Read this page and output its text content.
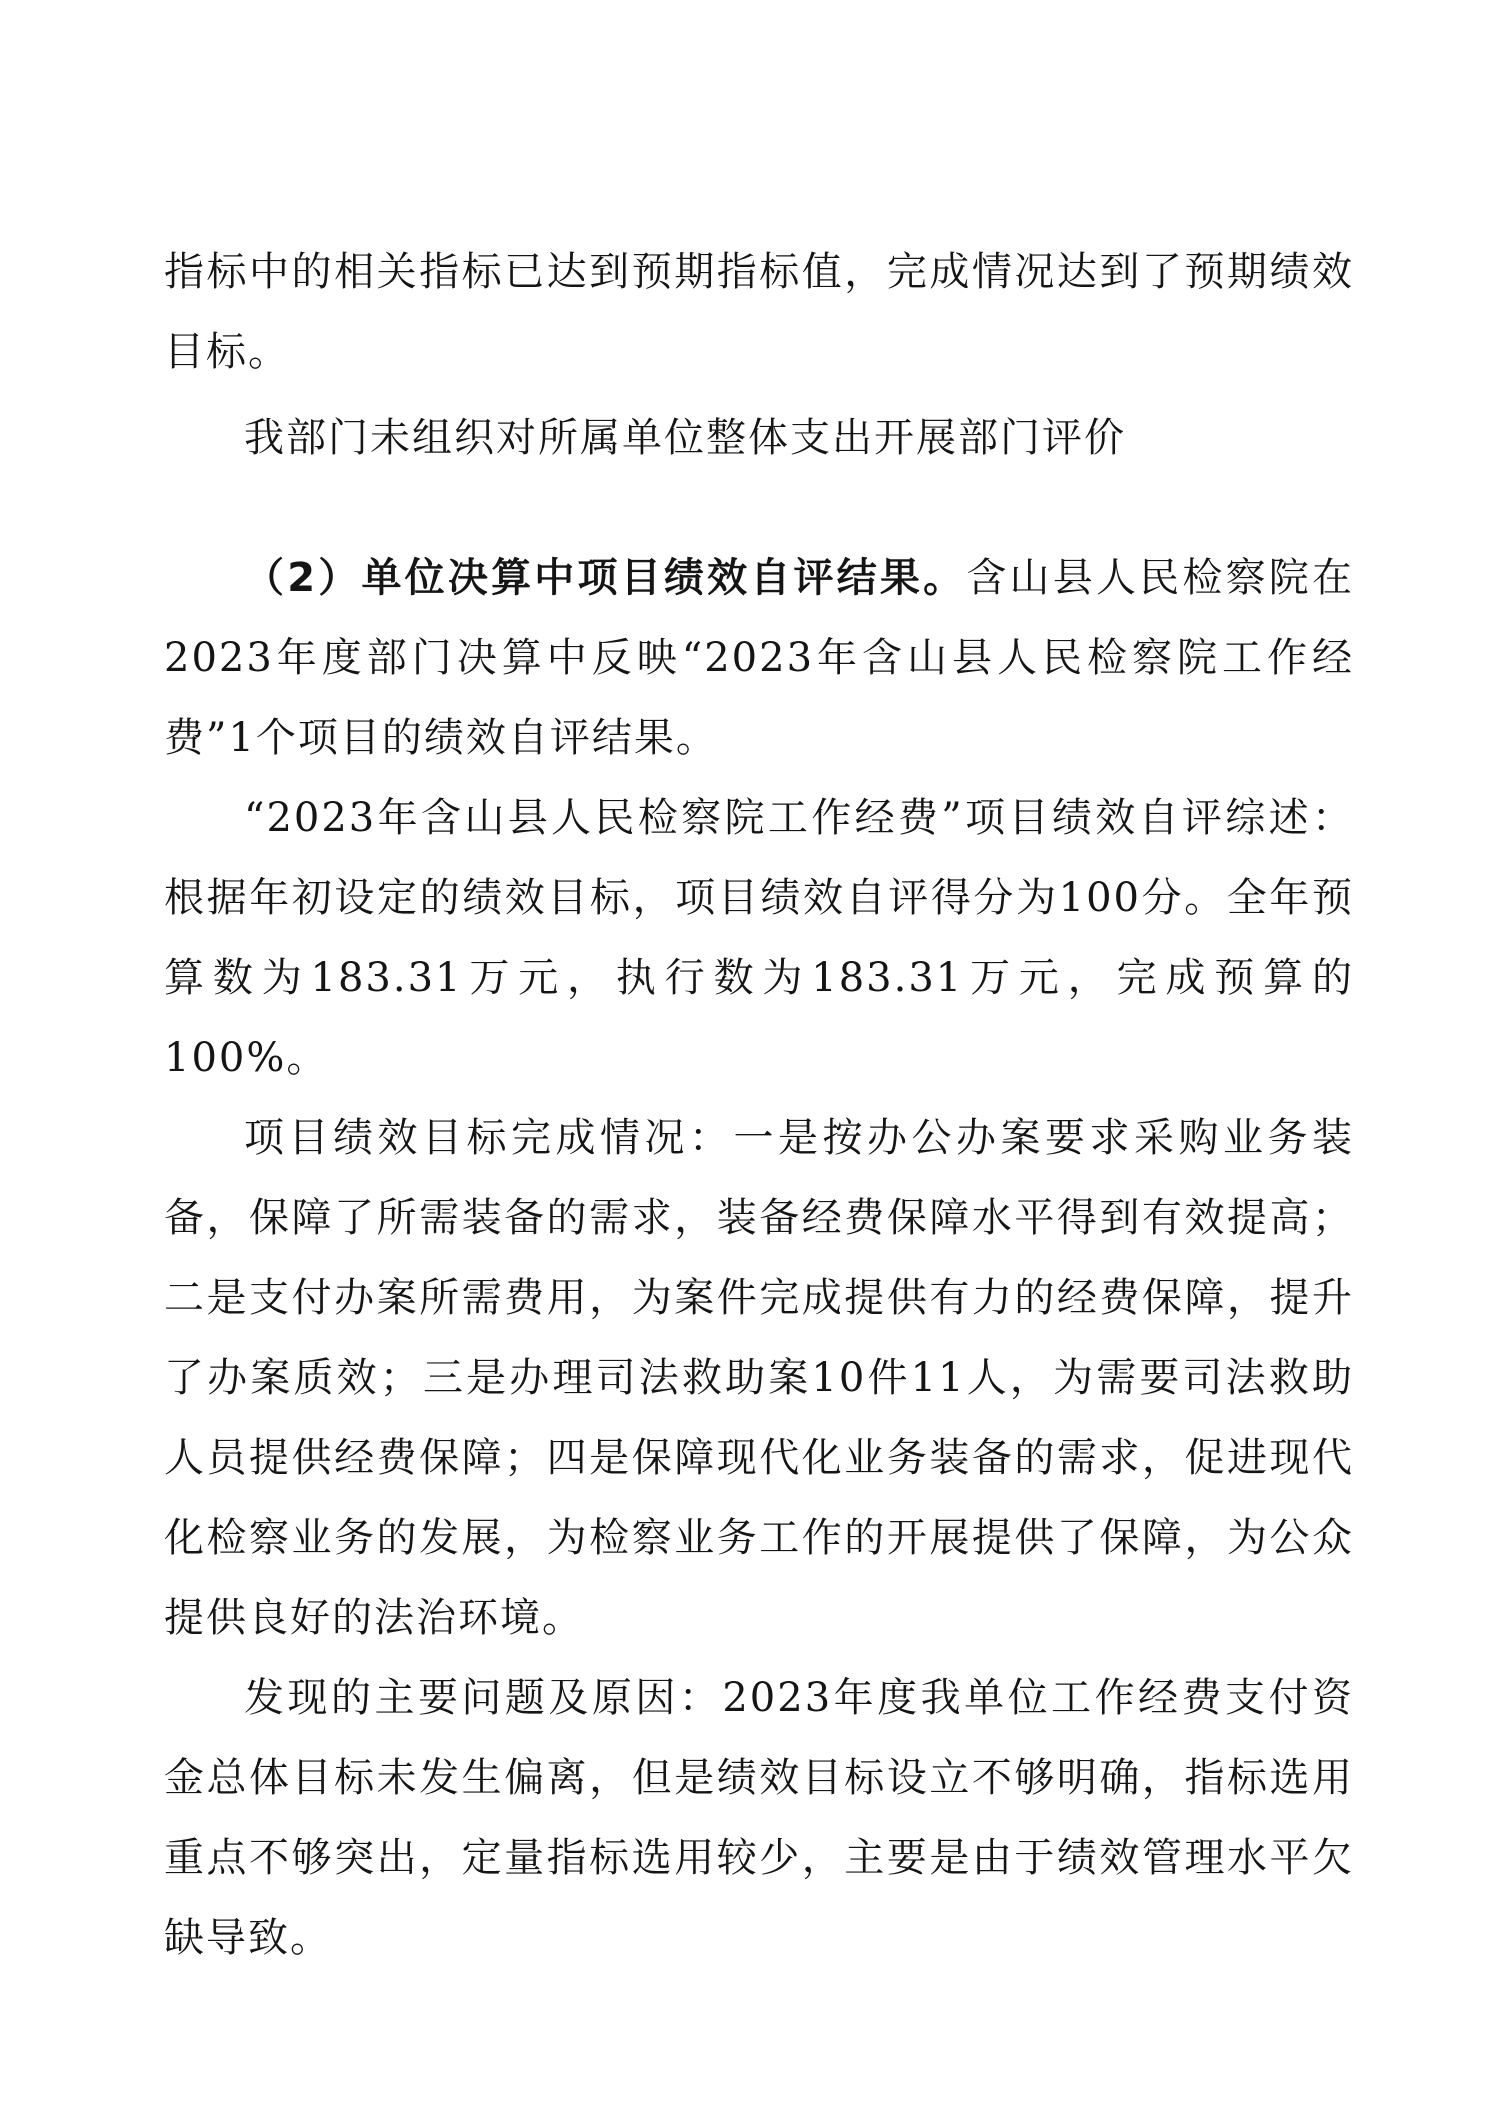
指标中的相关指标已达到预期指标值，完成情况达到了预期绩效目标。

我部门未组织对所属单位整体支出开展部门评价

（2）单位决算中项目绩效自评结果。含山县人民检察院在2023年度部门决算中反映“2023年含山县人民检察院工作经费”1个项目的绩效自评结果。

“2023年含山县人民检察院工作经费”项目绩效自评综述：根据年初设定的绩效目标，项目绩效自评得分为100分。全年预算数为183.31万元，执行数为183.31万元，完成预算的100%。

项目绩效目标完成情况：一是按办公办案要求采购业务装备，保障了所需装备的需求，装备经费保障水平得到有效提高；二是支付办案所需费用，为案件完成提供有力的经费保障，提升了办案质效；三是办理司法救助案10件11人，为需要司法救助人员提供经费保障；四是保障现代化业务装备的需求，促进现代化检察业务的发展，为检察业务工作的开展提供了保障，为公众提供良好的法治环境。

发现的主要问题及原因：2023年度我单位工作经费支付资金总体目标未发生偏离，但是绩效目标设立不够明确，指标选用重点不够突出，定量指标选用较少，主要是由于绩效管理水平欠缺导致。
